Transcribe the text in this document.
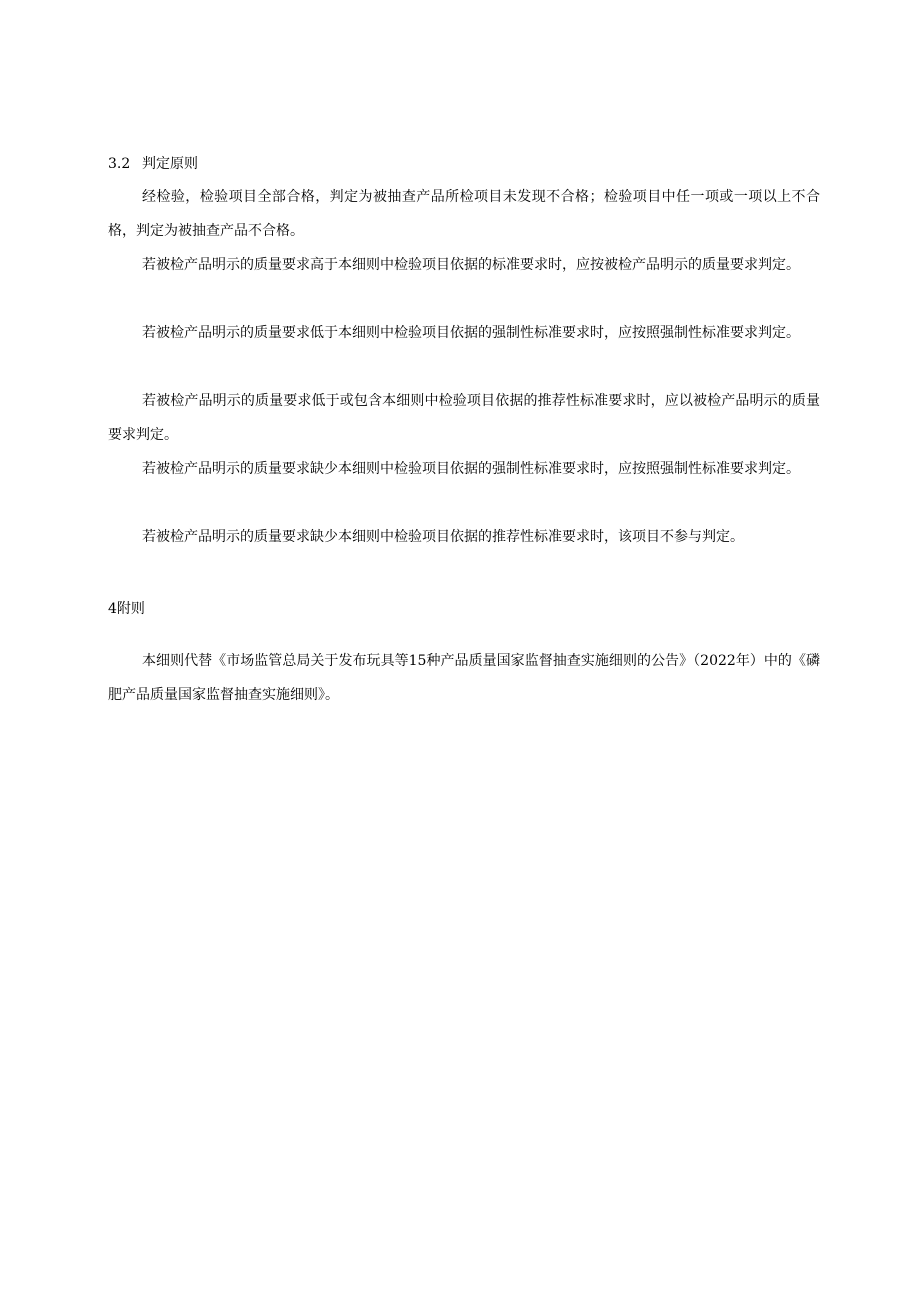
3.2 判定原则

经检验，检验项目全部合格，判定为被抽查产品所检项目未发现不合格；检验项目中任一项或一项以上不合格，判定为被抽查产品不合格。

若被检产品明示的质量要求高于本细则中检验项目依据的标准要求时，应按被检产品明示的质量要求判定。

若被检产品明示的质量要求低于本细则中检验项目依据的强制性标准要求时，应按照强制性标准要求判定。

若被检产品明示的质量要求低于或包含本细则中检验项目依据的推荐性标准要求时，应以被检产品明示的质量要求判定。

若被检产品明示的质量要求缺少本细则中检验项目依据的强制性标准要求时，应按照强制性标准要求判定。

若被检产品明示的质量要求缺少本细则中检验项目依据的推荐性标准要求时，该项目不参与判定。

4附则

本细则代替《市场监管总局关于发布玩具等15种产品质量国家监督抽查实施细则的公告》（2022年）中的《磷肥产品质量国家监督抽查实施细则》。
